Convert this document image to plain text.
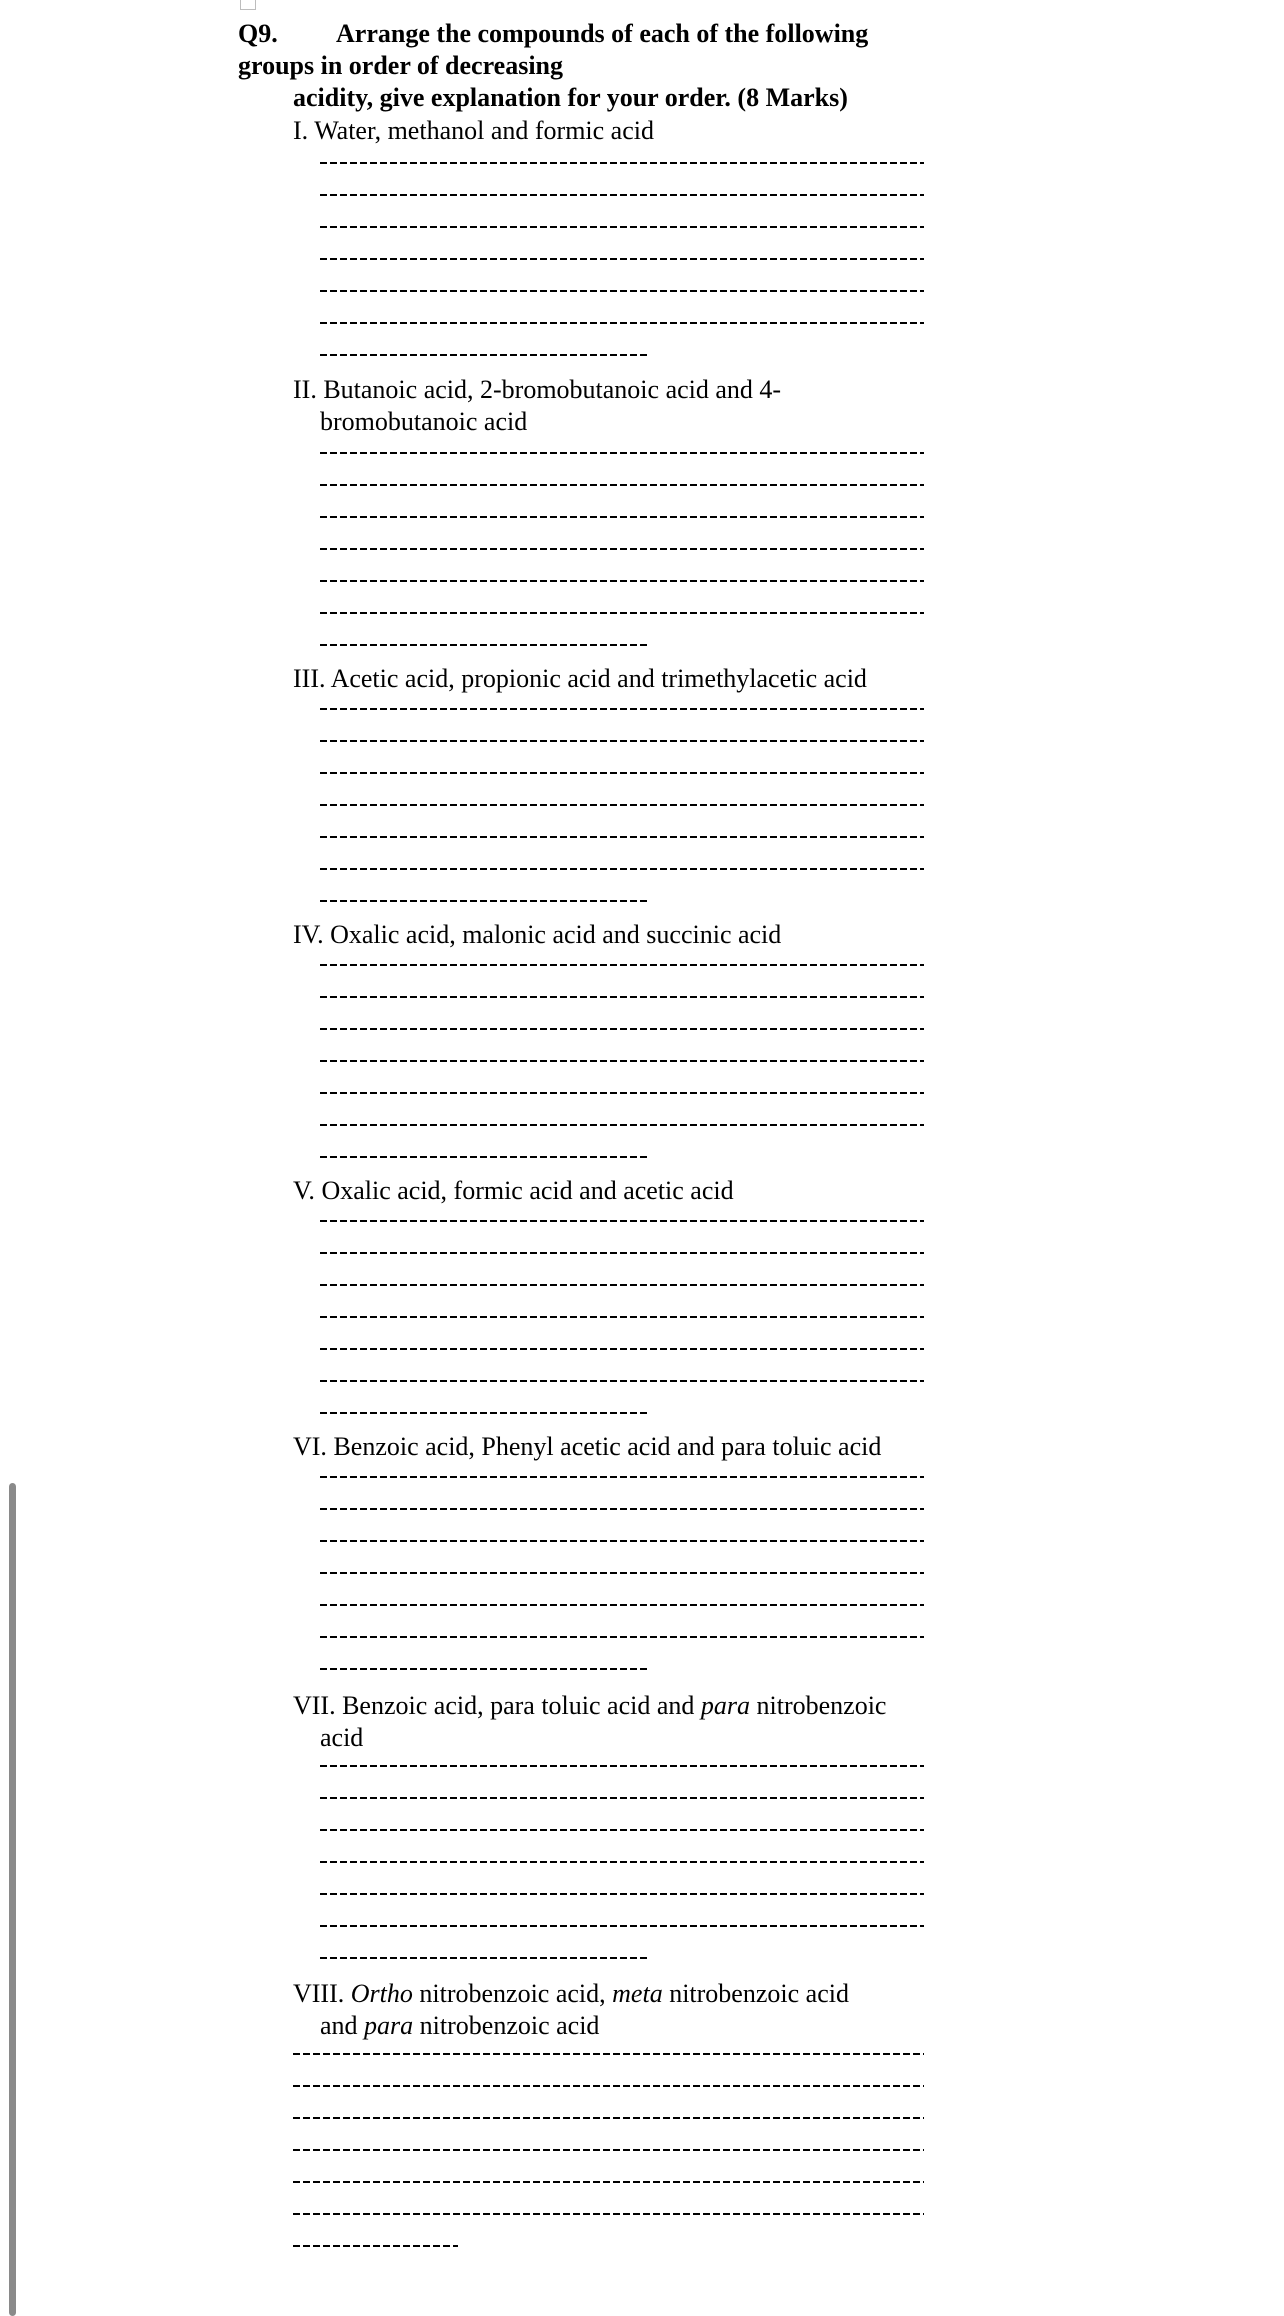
Q9. Arrange the compounds of each of the following
groups in order of decreasing
acidity, give explanation for your order. (8 Marks)
I. Water, methanol and formic acid
II. Butanoic acid, 2-bromobutanoic acid and 4-
bromobutanoic acid
III. Acetic acid, propionic acid and trimethylacetic acid
IV. Oxalic acid, malonic acid and succinic acid
V. Oxalic acid, formic acid and acetic acid
VI. Benzoic acid, Phenyl acetic acid and para toluic acid
VII. Benzoic acid, para toluic acid and para nitrobenzoic
acid
VIII. Ortho nitrobenzoic acid, meta nitrobenzoic acid
and para nitrobenzoic acid
